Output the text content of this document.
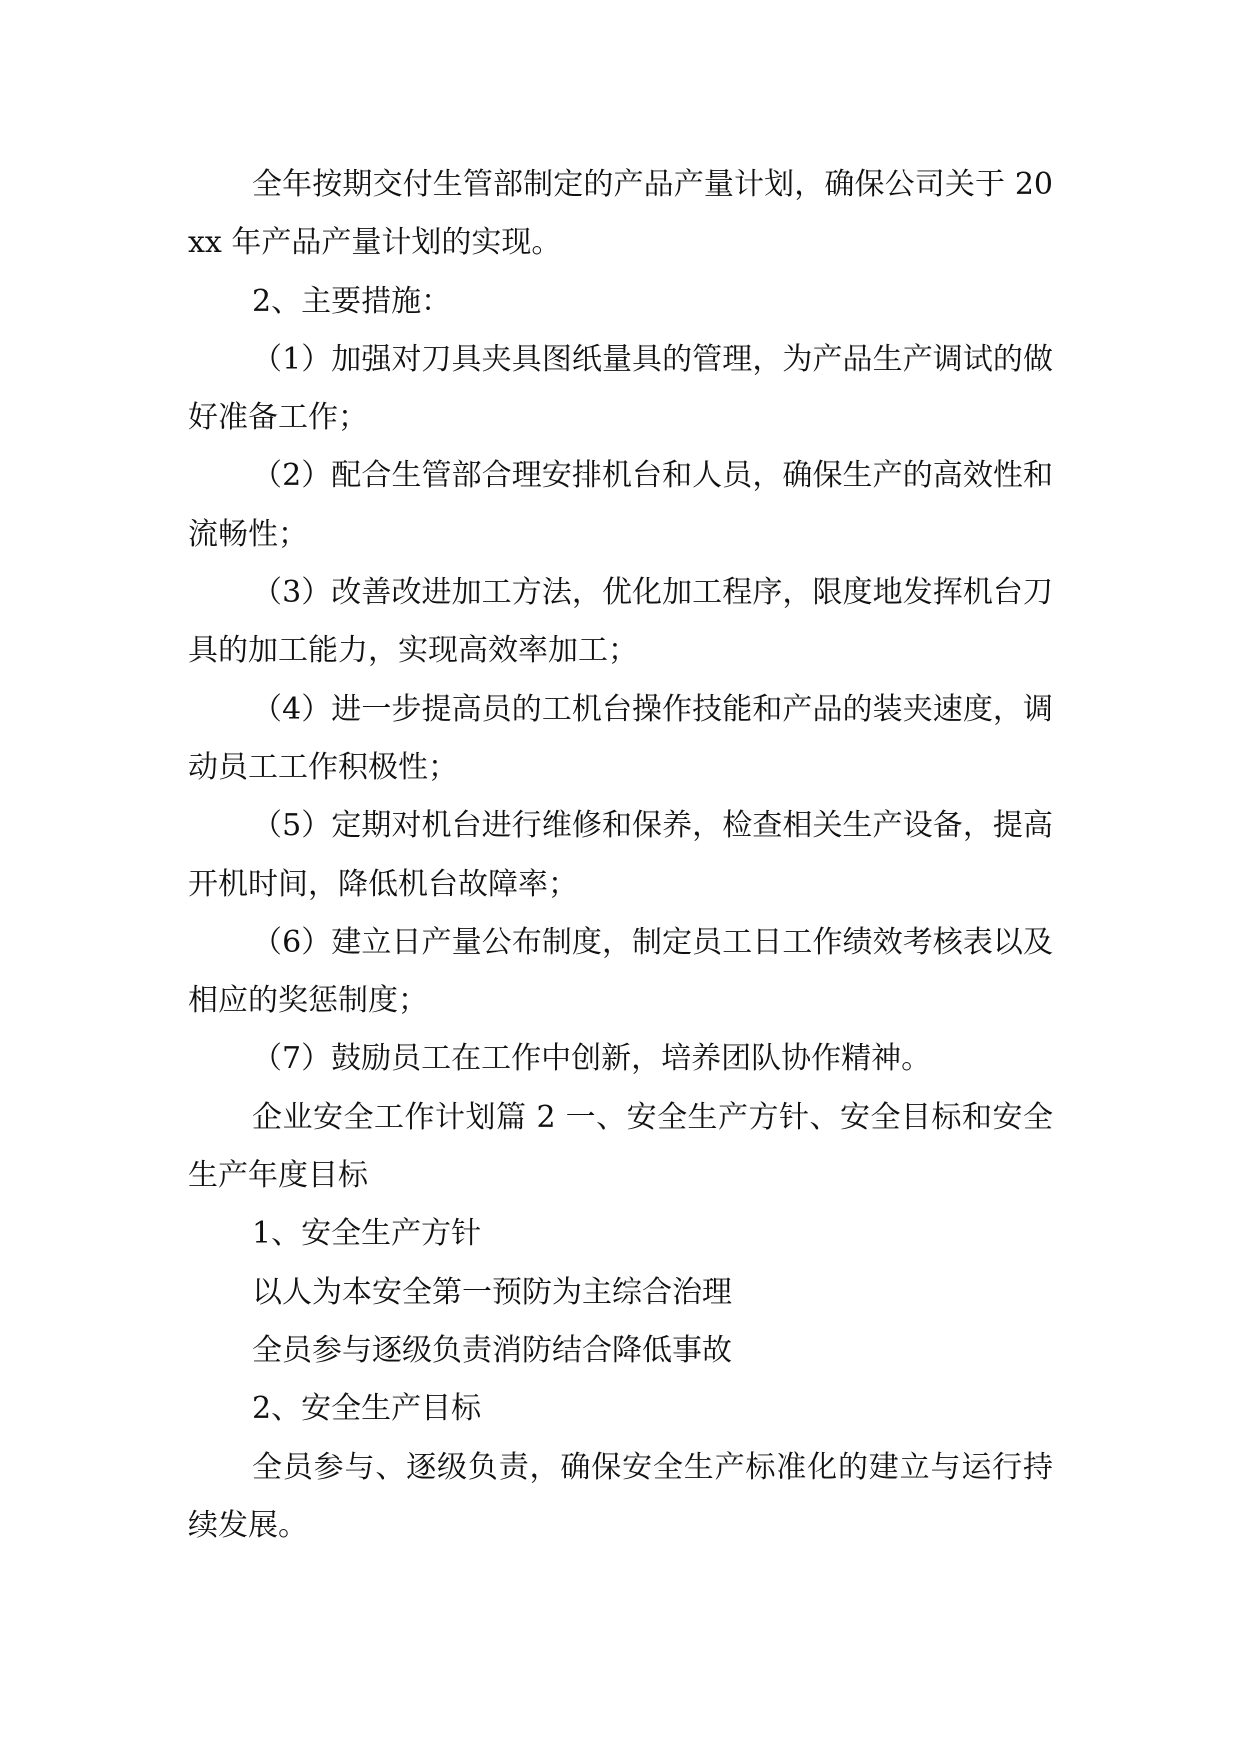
全年按期交付生管部制定的产品产量计划，确保公司关于 20xx 年产品产量计划的实现。

2、主要措施：

（1）加强对刀具夹具图纸量具的管理，为产品生产调试的做好准备工作；

（2）配合生管部合理安排机台和人员，确保生产的高效性和流畅性；

（3）改善改进加工方法，优化加工程序，限度地发挥机台刀具的加工能力，实现高效率加工；

（4）进一步提高员的工机台操作技能和产品的装夹速度，调动员工工作积极性；

（5）定期对机台进行维修和保养，检查相关生产设备，提高开机时间，降低机台故障率；

（6）建立日产量公布制度，制定员工日工作绩效考核表以及相应的奖惩制度；

（7）鼓励员工在工作中创新，培养团队协作精神。

企业安全工作计划篇 2 一、安全生产方针、安全目标和安全生产年度目标

1、安全生产方针

以人为本安全第一预防为主综合治理

全员参与逐级负责消防结合降低事故

2、安全生产目标

全员参与、逐级负责，确保安全生产标准化的建立与运行持续发展。
